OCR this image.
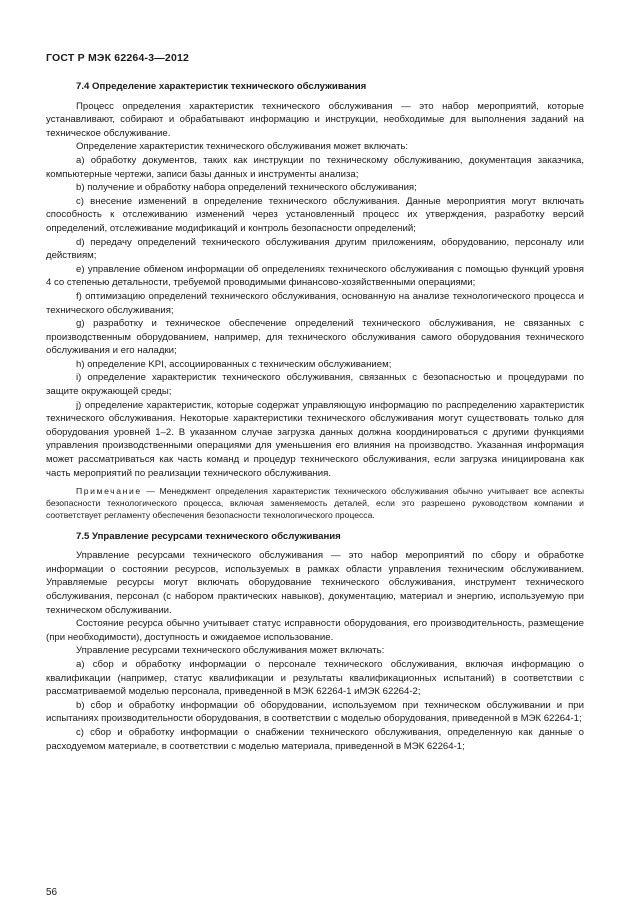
ГОСТ Р МЭК 62264-3—2012

7.4 Определение характеристик технического обслуживания

Процесс определения характеристик технического обслуживания — это набор мероприятий, которые устанавливают, собирают и обрабатывают информацию и инструкции, необходимые для выполнения заданий на техническое обслуживание.

Определение характеристик технического обслуживания может включать:

a) обработку документов, таких как инструкции по техническому обслуживанию, документация заказчика, компьютерные чертежи, записи базы данных и инструменты анализа;

b) получение и обработку набора определений технического обслуживания;

c) внесение изменений в определение технического обслуживания. Данные мероприятия могут включать способность к отслеживанию изменений через установленный процесс их утверждения, разработку версий определений, отслеживание модификаций и контроль безопасности определений;

d) передачу определений технического обслуживания другим приложениям, оборудованию, персоналу или действиям;

e) управление обменом информации об определениях технического обслуживания с помощью функций уровня 4 со степенью детальности, требуемой проводимыми финансово-хозяйственными операциями;

f) оптимизацию определений технического обслуживания, основанную на анализе технологического процесса и технического обслуживания;

g) разработку и техническое обеспечение определений технического обслуживания, не связанных с производственным оборудованием, например, для технического обслуживания самого оборудования технического обслуживания и его наладки;

h) определение KPI, ассоциированных с техническим обслуживанием;

i) определение характеристик технического обслуживания, связанных с безопасностью и процедурами по защите окружающей среды;

j) определение характеристик, которые содержат управляющую информацию по распределению характеристик технического обслуживания. Некоторые характеристики технического обслуживания могут существовать только для оборудования уровней 1–2. В указанном случае загрузка данных должна координироваться с другими функциями управления производственными операциями для уменьшения его влияния на производство. Указанная информация может рассматриваться как часть команд и процедур технического обслуживания, если загрузка инициирована как часть мероприятий по реализации технического обслуживания.

Примечание — Менеджмент определения характеристик технического обслуживания обычно учитывает все аспекты безопасности технологического процесса, включая заменяемость деталей, если это разрешено руководством компании и соответствует регламенту обеспечения безопасности технологического процесса.

7.5 Управление ресурсами технического обслуживания

Управление ресурсами технического обслуживания — это набор мероприятий по сбору и обработке информации о состоянии ресурсов, используемых в рамках области управления техническим обслуживанием. Управляемые ресурсы могут включать оборудование технического обслуживания, инструмент технического обслуживания, персонал (с набором практических навыков), документацию, материал и энергию, используемую при техническом обслуживании.

Состояние ресурса обычно учитывает статус исправности оборудования, его производительность, размещение (при необходимости), доступность и ожидаемое использование.

Управление ресурсами технического обслуживания может включать:

a) сбор и обработку информации о персонале технического обслуживания, включая информацию о квалификации (например, статус квалификации и результаты квалификационных испытаний) в соответствии с рассматриваемой моделью персонала, приведенной в МЭК 62264-1 иМЭК 62264-2;

b) сбор и обработку информации об оборудовании, используемом при техническом обслуживании и при испытаниях производительности оборудования, в соответствии с моделью оборудования, приведенной в МЭК 62264-1;

c) сбор и обработку информации о снабжении технического обслуживания, определенную как данные о расходуемом материале, в соответствии с моделью материала, приведенной в МЭК 62264-1;

56
